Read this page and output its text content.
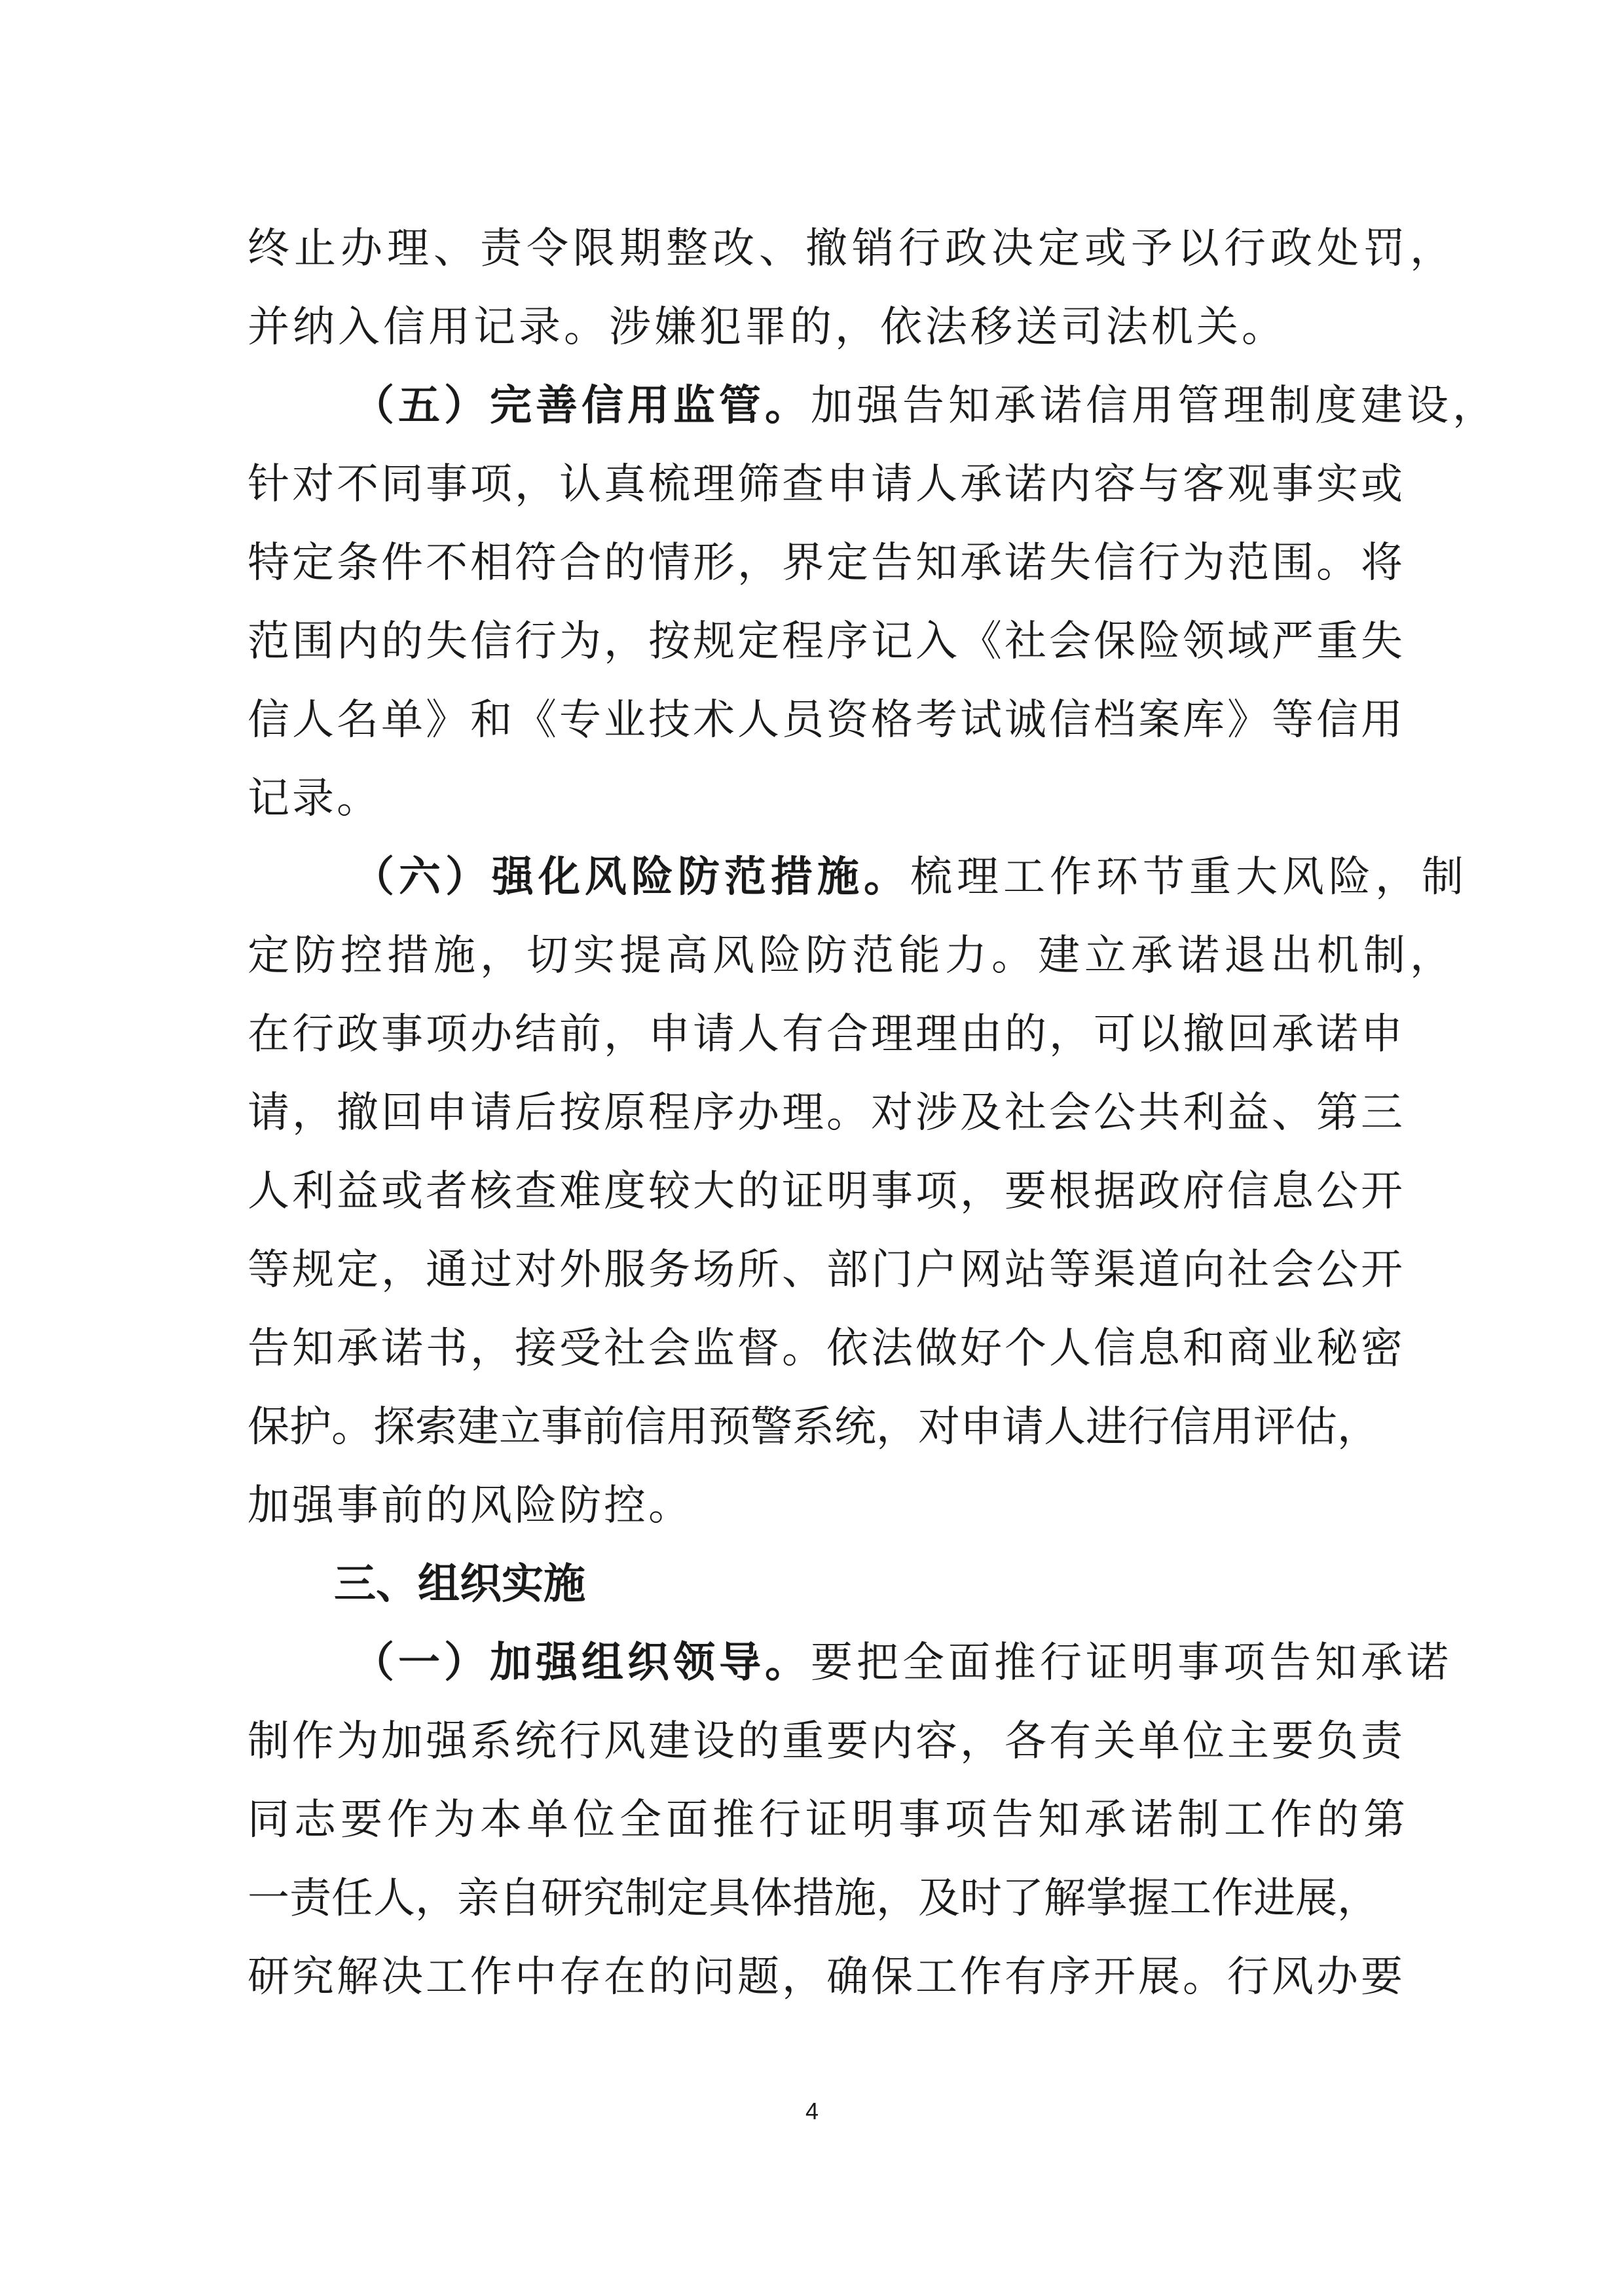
终止办理、责令限期整改、撤销行政决定或予以行政处罚，
并纳入信用记录。涉嫌犯罪的，依法移送司法机关。
（五）完善信用监管。加强告知承诺信用管理制度建设，
针对不同事项，认真梳理筛查申请人承诺内容与客观事实或
特定条件不相符合的情形，界定告知承诺失信行为范围。将
范围内的失信行为，按规定程序记入《社会保险领域严重失
信人名单》和《专业技术人员资格考试诚信档案库》等信用
记录。
（六）强化风险防范措施。梳理工作环节重大风险，制
定防控措施，切实提高风险防范能力。建立承诺退出机制，
在行政事项办结前，申请人有合理理由的，可以撤回承诺申
请，撤回申请后按原程序办理。对涉及社会公共利益、第三
人利益或者核查难度较大的证明事项，要根据政府信息公开
等规定，通过对外服务场所、部门户网站等渠道向社会公开
告知承诺书，接受社会监督。依法做好个人信息和商业秘密
保护。探索建立事前信用预警系统，对申请人进行信用评估，
加强事前的风险防控。
三、组织实施
（一）加强组织领导。要把全面推行证明事项告知承诺
制作为加强系统行风建设的重要内容，各有关单位主要负责
同志要作为本单位全面推行证明事项告知承诺制工作的第
一责任人，亲自研究制定具体措施，及时了解掌握工作进展，
研究解决工作中存在的问题，确保工作有序开展。行风办要
4
